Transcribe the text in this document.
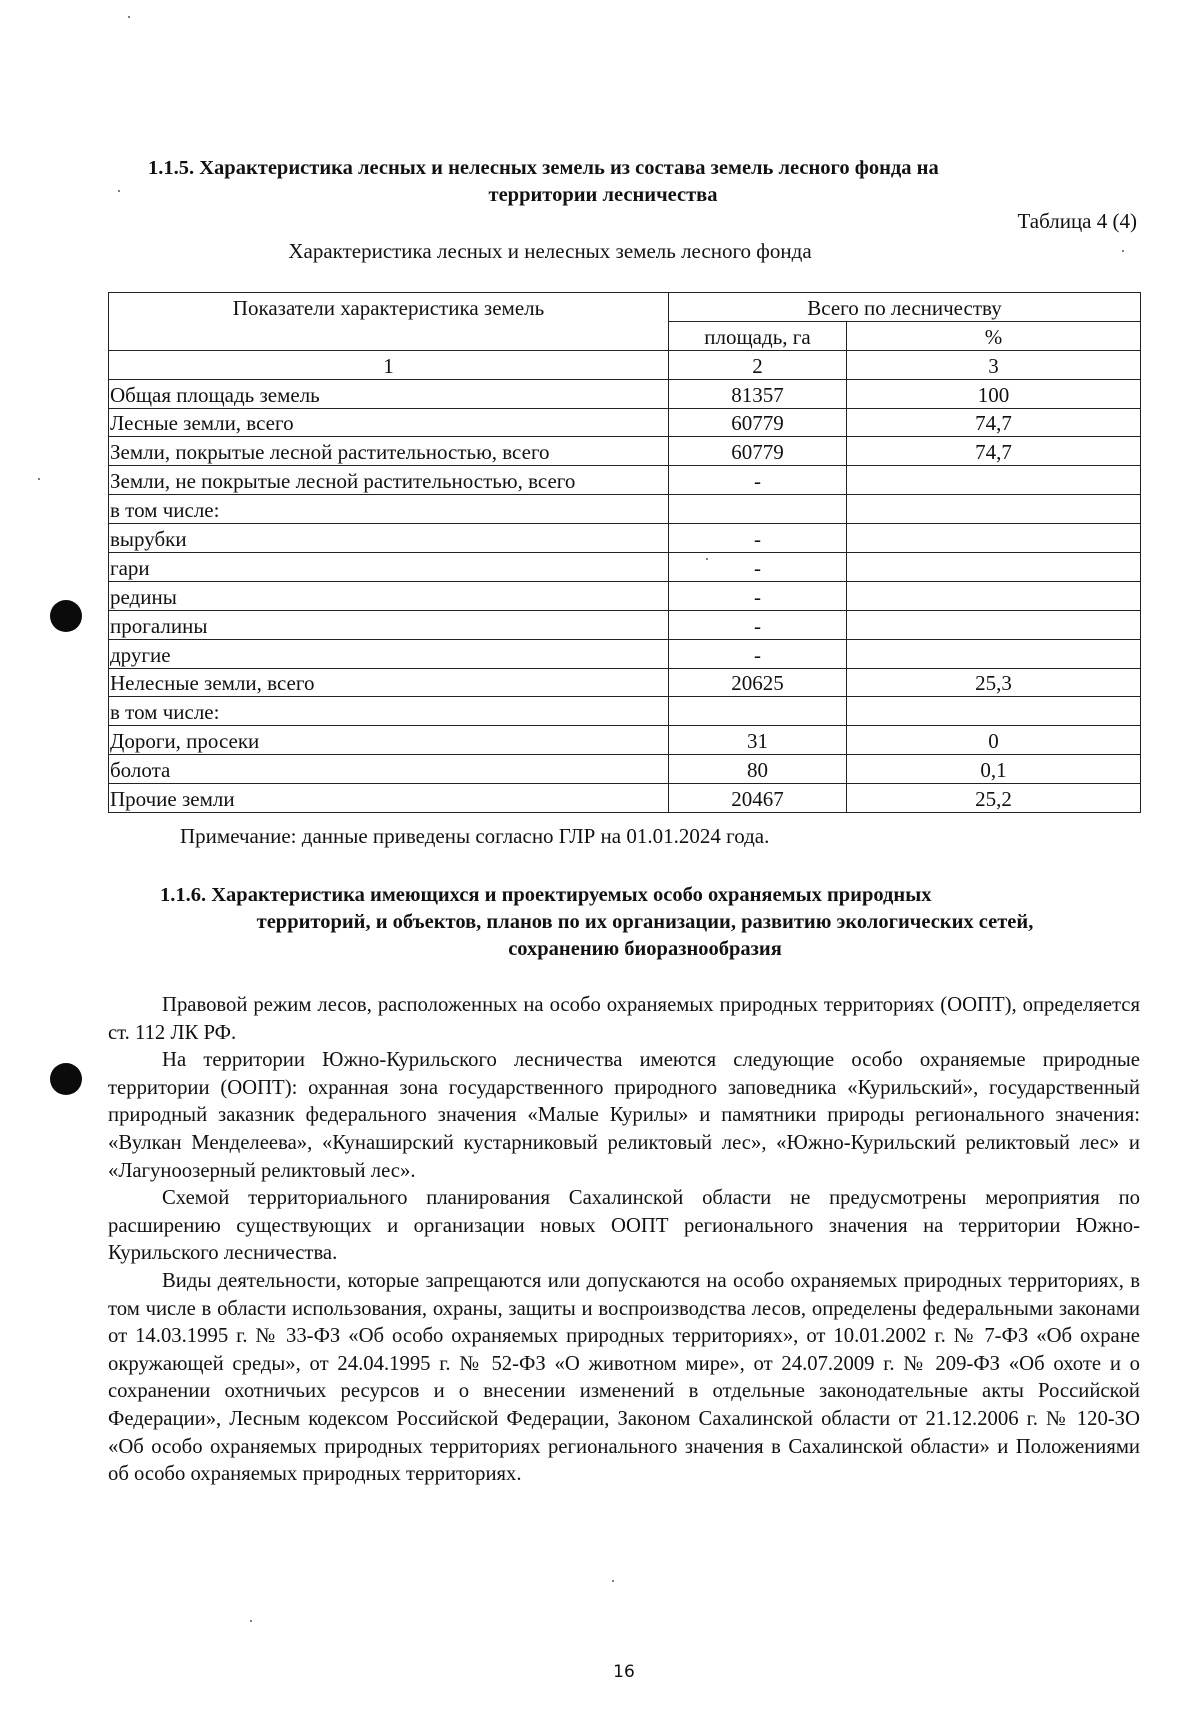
1.1.5. Характеристика лесных и нелесных земель из состава земель лесного фонда на
территории лесничества
Таблица 4 (4)
Характеристика лесных и нелесных земель лесного фонда
Показатели характеристика земель	Всего по лесничеству	
	площадь, га	%
1	2	3
Общая площадь земель	81357	100
Лесные земли, всего	60779	74,7
Земли, покрытые лесной растительностью, всего	60779	74,7
Земли, не покрытые лесной растительностью, всего	-	
в том числе:		
вырубки	-	
гари	-	
редины	-	
прогалины	-	
другие	-	
Нелесные земли, всего	20625	25,3
в том числе:		
Дороги, просеки	31	0
болота	80	0,1
Прочие земли	20467	25,2
Примечание: данные приведены согласно ГЛР на 01.01.2024 года.
1.1.6. Характеристика имеющихся и проектируемых особо охраняемых природных
территорий, и объектов, планов по их организации, развитию экологических сетей,
сохранению биоразнообразия

Правовой режим лесов, расположенных на особо охраняемых природных территориях (ООПТ), определяется ст. 112 ЛК РФ.

На территории Южно-Курильского лесничества имеются следующие особо охраняемые природные территории (ООПТ): охранная зона государственного природного заповедника «Курильский», государственный природный заказник федерального значения «Малые Курилы» и памятники природы регионального значения: «Вулкан Менделеева», «Кунаширский кустарниковый реликтовый лес», «Южно-Курильский реликтовый лес» и «Лагуноозерный реликтовый лес».

Схемой территориального планирования Сахалинской области не предусмотрены мероприятия по расширению существующих и организации новых ООПТ регионального значения на территории Южно-Курильского лесничества.

Виды деятельности, которые запрещаются или допускаются на особо охраняемых природных территориях, в том числе в области использования, охраны, защиты и воспроизводства лесов, определены федеральными законами от 14.03.1995 г. № 33-ФЗ «Об особо охраняемых природных территориях», от 10.01.2002 г. № 7-ФЗ «Об охране окружающей среды», от 24.04.1995 г. № 52-ФЗ «О животном мире», от 24.07.2009 г. № 209-ФЗ «Об охоте и о сохранении охотничьих ресурсов и о внесении изменений в отдельные законодательные акты Российской Федерации», Лесным кодексом Российской Федерации, Законом Сахалинской области от 21.12.2006 г. № 120-ЗО «Об особо охраняемых природных территориях регионального значения в Сахалинской области» и Положениями об особо охраняемых природных территориях.

16
